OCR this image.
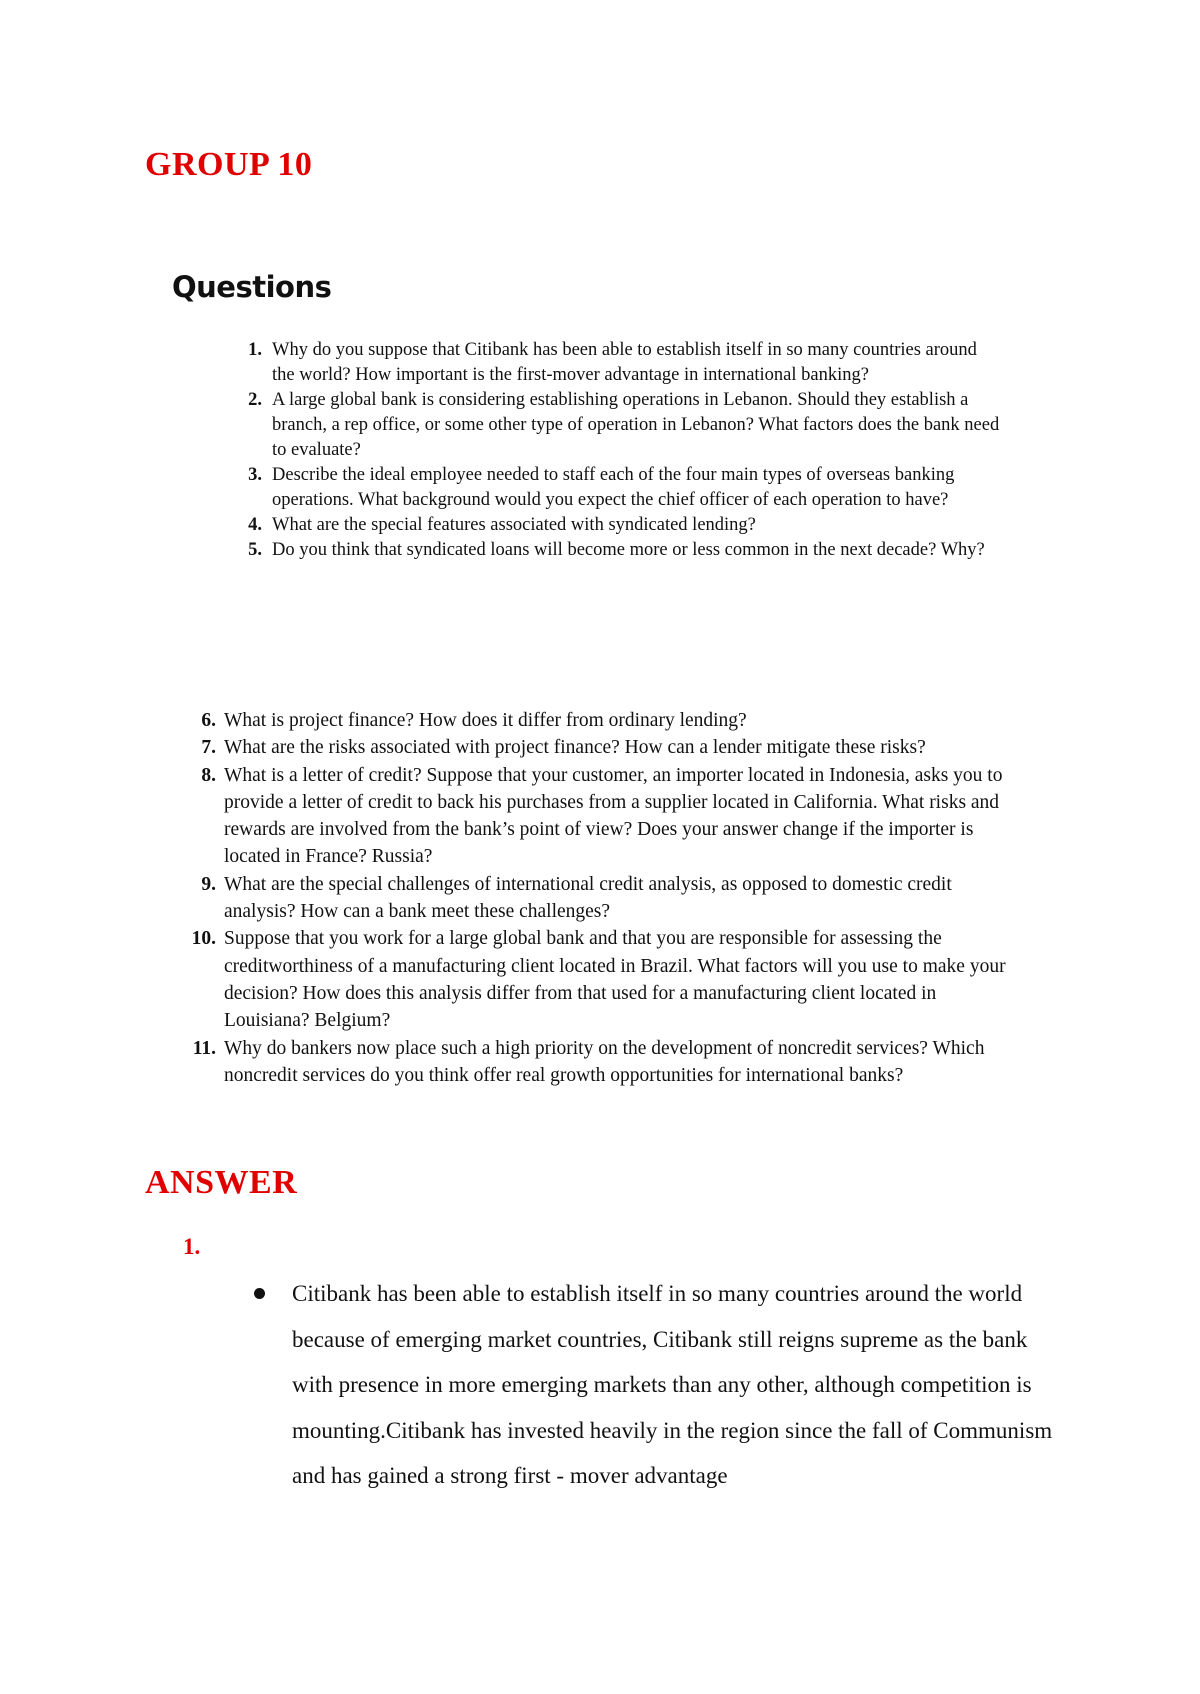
GROUP 10
Questions
1. Why do you suppose that Citibank has been able to establish itself in so many countries around the world? How important is the first-mover advantage in international banking?
2. A large global bank is considering establishing operations in Lebanon. Should they establish a branch, a rep office, or some other type of operation in Lebanon? What factors does the bank need to evaluate?
3. Describe the ideal employee needed to staff each of the four main types of overseas banking operations. What background would you expect the chief officer of each operation to have?
4. What are the special features associated with syndicated lending?
5. Do you think that syndicated loans will become more or less common in the next decade? Why?
6. What is project finance? How does it differ from ordinary lending?
7. What are the risks associated with project finance? How can a lender mitigate these risks?
8. What is a letter of credit? Suppose that your customer, an importer located in Indonesia, asks you to provide a letter of credit to back his purchases from a supplier located in California. What risks and rewards are involved from the bank’s point of view? Does your answer change if the importer is located in France? Russia?
9. What are the special challenges of international credit analysis, as opposed to domestic credit analysis? How can a bank meet these challenges?
10. Suppose that you work for a large global bank and that you are responsible for assessing the creditworthiness of a manufacturing client located in Brazil. What factors will you use to make your decision? How does this analysis differ from that used for a manufacturing client located in Louisiana? Belgium?
11. Why do bankers now place such a high priority on the development of noncredit services? Which noncredit services do you think offer real growth opportunities for international banks?
ANSWER
1.
Citibank has been able to establish itself in so many countries around the world because of emerging market countries, Citibank still reigns supreme as the bank with presence in more emerging markets than any other, although competition is mounting.Citibank has invested heavily in the region since the fall of Communism and has gained a strong first - mover advantage
